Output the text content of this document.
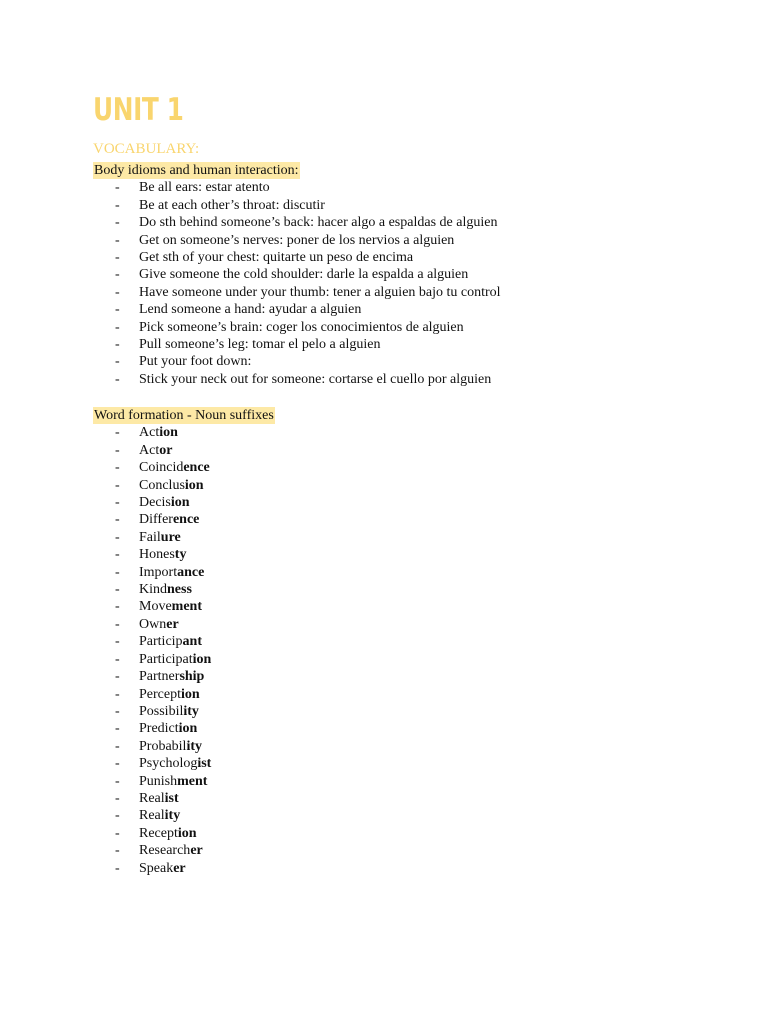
UNIT 1
VOCABULARY:
Body idioms and human interaction:
- Be all ears: estar atento
- Be at each other’s throat: discutir
- Do sth behind someone’s back: hacer algo a espaldas de alguien
- Get on someone’s nerves: poner de los nervios a alguien
- Get sth of your chest: quitarte un peso de encima
- Give someone the cold shoulder: darle la espalda a alguien
- Have someone under your thumb: tener a alguien bajo tu control
- Lend someone a hand: ayudar a alguien
- Pick someone’s brain: coger los conocimientos de alguien
- Pull someone’s leg: tomar el pelo a alguien
- Put your foot down:
- Stick your neck out for someone: cortarse el cuello por alguien
Word formation - Noun suffixes
- Action
- Actor
- Coincidence
- Conclusion
- Decision
- Difference
- Failure
- Honesty
- Importance
- Kindness
- Movement
- Owner
- Participant
- Participation
- Partnership
- Perception
- Possibility
- Prediction
- Probability
- Psychologist
- Punishment
- Realist
- Reality
- Reception
- Researcher
- Speaker
